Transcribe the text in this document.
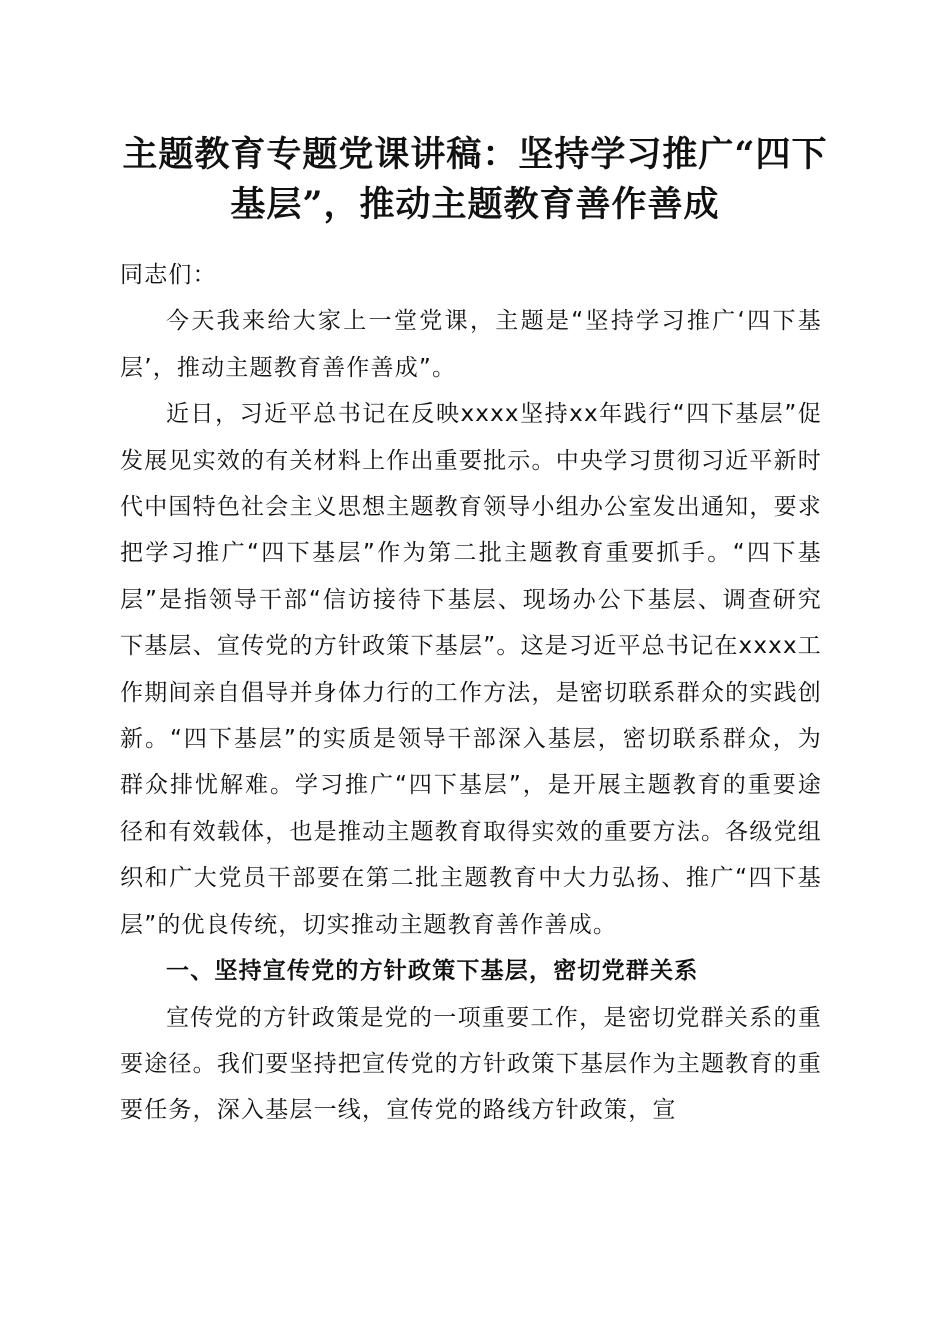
主题教育专题党课讲稿：坚持学习推广“四下
基层”，推动主题教育善作善成

同志们：

今天我来给大家上一堂党课，主题是“坚持学习推广‘四下基层’，推动主题教育善作善成”。

近日，习近平总书记在反映xxxx坚持xx年践行“四下基层”促发展见实效的有关材料上作出重要批示。中央学习贯彻习近平新时代中国特色社会主义思想主题教育领导小组办公室发出通知，要求把学习推广“四下基层”作为第二批主题教育重要抓手。“四下基层”是指领导干部“信访接待下基层、现场办公下基层、调查研究下基层、宣传党的方针政策下基层”。这是习近平总书记在xxxx工作期间亲自倡导并身体力行的工作方法，是密切联系群众的实践创新。“四下基层”的实质是领导干部深入基层，密切联系群众，为群众排忧解难。学习推广“四下基层”，是开展主题教育的重要途径和有效载体，也是推动主题教育取得实效的重要方法。各级党组织和广大党员干部要在第二批主题教育中大力弘扬、推广“四下基层”的优良传统，切实推动主题教育善作善成。

一、坚持宣传党的方针政策下基层，密切党群关系

宣传党的方针政策是党的一项重要工作，是密切党群关系的重要途径。我们要坚持把宣传党的方针政策下基层作为主题教育的重要任务，深入基层一线，宣传党的路线方针政策，宣
